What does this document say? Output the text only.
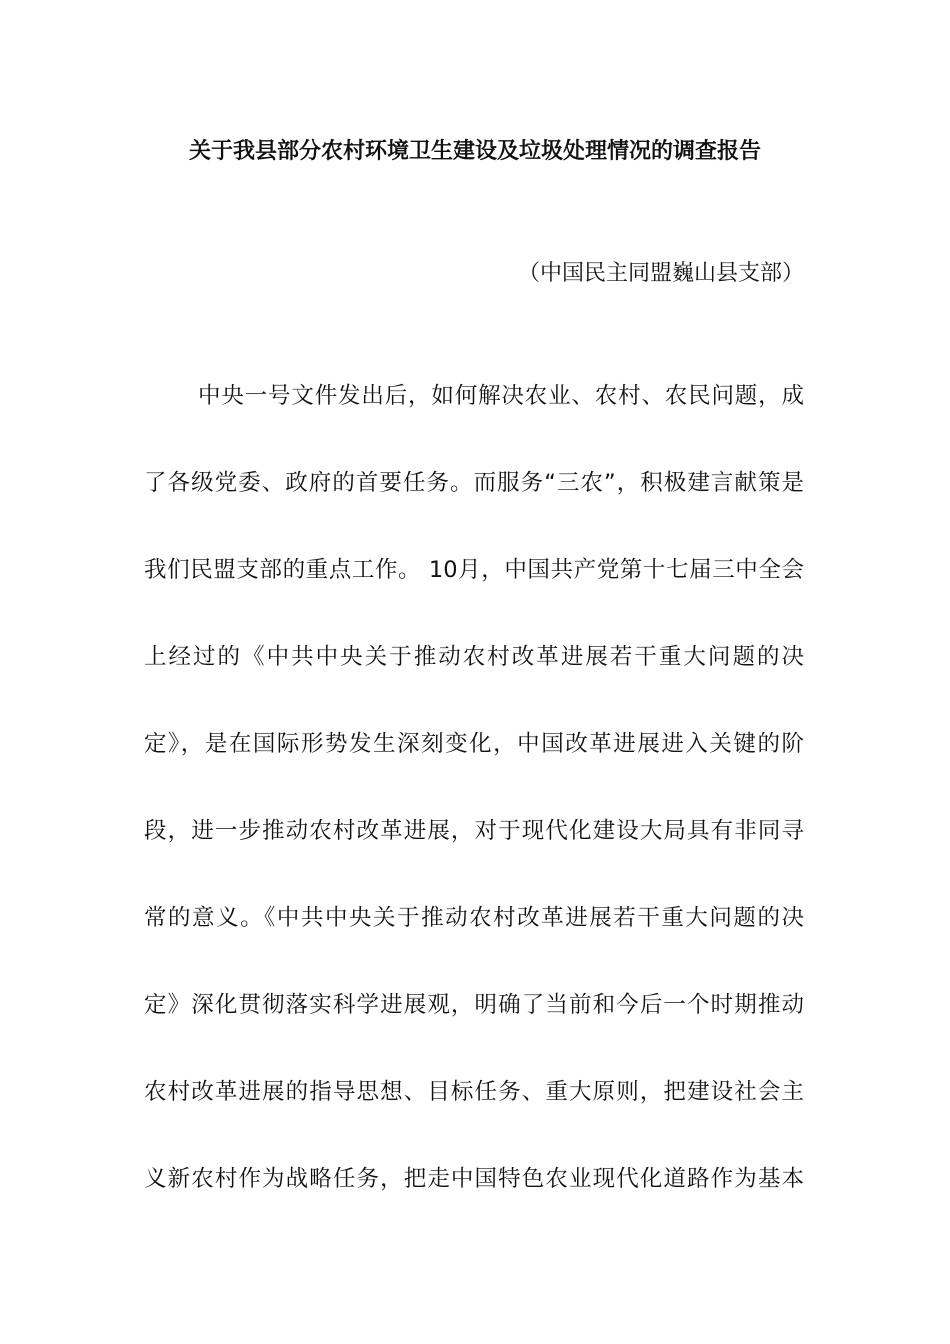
关于我县部分农村环境卫生建设及垃圾处理情况的调查报告
（中国民主同盟巍山县支部）
中央一号文件发出后，如何解决农业、农村、农民问题，成
了各级党委、政府的首要任务。而服务“三农”，积极建言献策是
我们民盟支部的重点工作。 10月，中国共产党第十七届三中全会
上经过的《中共中央关于推动农村改革进展若干重大问题的决
定》，是在国际形势发生深刻变化，中国改革进展进入关键的阶
段，进一步推动农村改革进展，对于现代化建设大局具有非同寻
常的意义。《中共中央关于推动农村改革进展若干重大问题的决
定》深化贯彻落实科学进展观，明确了当前和今后一个时期推动
农村改革进展的指导思想、目标任务、重大原则，把建设社会主
义新农村作为战略任务，把走中国特色农业现代化道路作为基本
